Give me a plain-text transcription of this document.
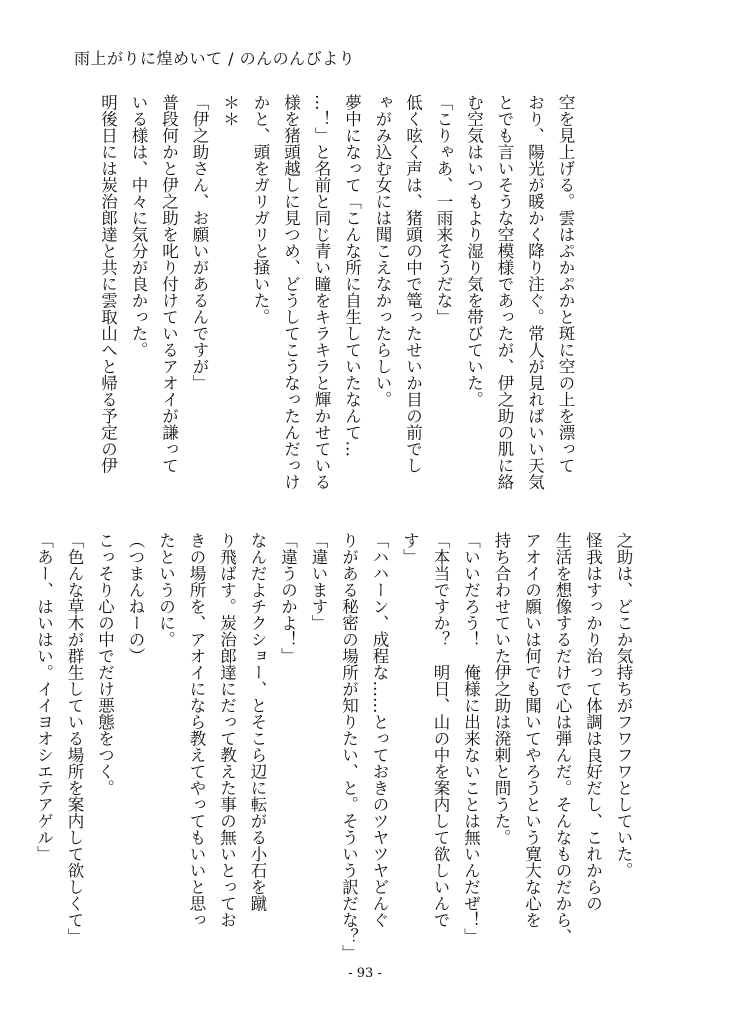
雨上がりに煌めいて / のんのんびより

空を見上げる。雲はぷかぷかと斑に空の上を漂って

おり、陽光が暖かく降り注ぐ。常人が見ればいい天気

とでも言いそうな空模様であったが、伊之助の肌に絡

む空気はいつもより湿り気を帯びていた。

「こりゃあ、一雨来そうだな」

低く呟く声は、猪頭の中で篭ったせいか目の前でし

ゃがみ込む女には聞こえなかったらしい。

夢中になって「こんな所に自生していたなんて…

…！」と名前と同じ青い瞳をキラキラと輝かせている

様を猪頭越しに見つめ、どうしてこうなったんだっけ

かと、頭をガリガリと掻いた。

＊＊

「伊之助さん、お願いがあるんですが」

普段何かと伊之助を叱り付けているアオイが謙って

いる様は、中々に気分が良かった。

明後日には炭治郎達と共に雲取山へと帰る予定の伊

之助は、どこか気持ちがフワフワとしていた。

怪我はすっかり治って体調は良好だし、これからの

生活を想像するだけで心は弾んだ。そんなものだから、

アオイの願いは何でも聞いてやろうという寛大な心を

持ち合わせていた伊之助は溌剌と問うた。

「いいだろう！　俺様に出来ないことは無いんだぜ！」

「本当ですか？　明日、山の中を案内して欲しいんで

す」

「ハハーン、成程な……とっておきのツヤツヤどんぐ

りがある秘密の場所が知りたい、と。そういう訳だな？」

「違います」

「違うのかよ！」

なんだよチクショー、とそこら辺に転がる小石を蹴

り飛ばす。炭治郎達にだって教えた事の無いとってお

きの場所を、アオイになら教えてやってもいいと思っ

たというのに。

（つまんねーの）

こっそり心の中でだけ悪態をつく。

「色んな草木が群生している場所を案内して欲しくて」

「あー、はいはい。イイヨオシエテアゲル」

- 93 -
